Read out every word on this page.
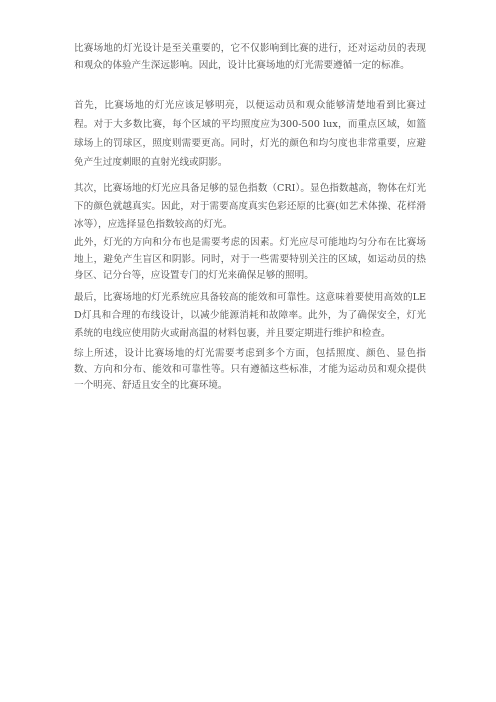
比赛场地的灯光设计是至关重要的，它不仅影响到比赛的进行，还对运动员的表现和观众的体验产生深远影响。因此，设计比赛场地的灯光需要遵循一定的标准。

首先，比赛场地的灯光应该足够明亮，以便运动员和观众能够清楚地看到比赛过程。对于大多数比赛，每个区域的平均照度应为300-500 lux，而重点区域，如篮球场上的罚球区，照度则需要更高。同时，灯光的颜色和均匀度也非常重要，应避免产生过度刺眼的直射光线或阴影。

其次，比赛场地的灯光应具备足够的显色指数（CRI）。显色指数越高，物体在灯光下的颜色就越真实。因此，对于需要高度真实色彩还原的比赛(如艺术体操、花样滑冰等），应选择显色指数较高的灯光。

此外，灯光的方向和分布也是需要考虑的因素。灯光应尽可能地均匀分布在比赛场地上，避免产生盲区和阴影。同时，对于一些需要特别关注的区域，如运动员的热身区、记分台等，应设置专门的灯光来确保足够的照明。

最后，比赛场地的灯光系统应具备较高的能效和可靠性。这意味着要使用高效的LED灯具和合理的布线设计，以减少能源消耗和故障率。此外，为了确保安全，灯光系统的电线应使用防火或耐高温的材料包裹，并且要定期进行维护和检查。

综上所述，设计比赛场地的灯光需要考虑到多个方面，包括照度、颜色、显色指数、方向和分布、能效和可靠性等。只有遵循这些标准，才能为运动员和观众提供一个明亮、舒适且安全的比赛环境。
